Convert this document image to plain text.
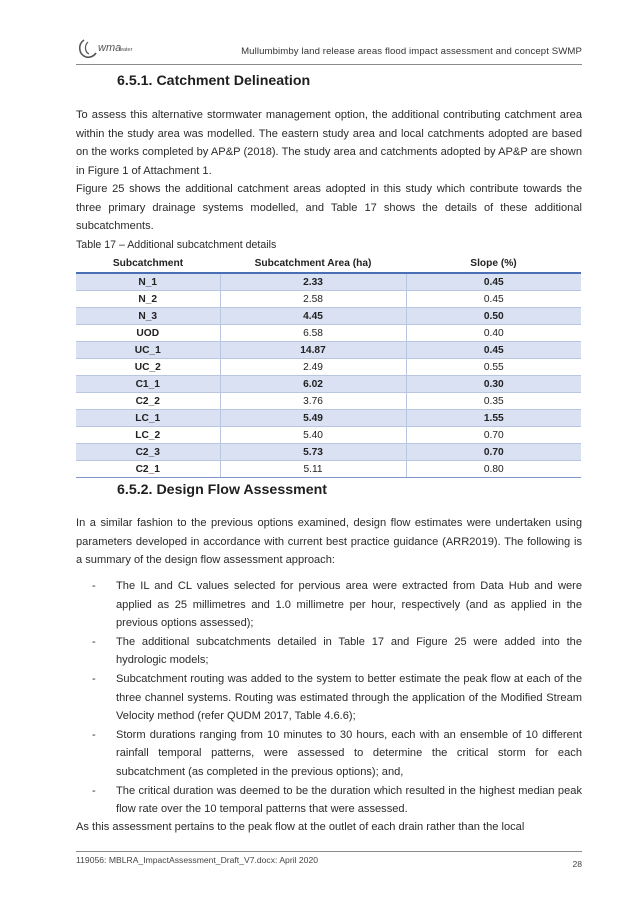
wma
water	Mullumbimby land release areas flood impact assessment and concept SWMP
6.5.1. Catchment Delineation

To assess this alternative stormwater management option, the additional contributing catchment area within the study area was modelled. The eastern study area and local catchments adopted are based on the works completed by AP&P (2018). The study area and catchments adopted by AP&P are shown in Figure 1 of Attachment 1.

Figure 25 shows the additional catchment areas adopted in this study which contribute towards the three primary drainage systems modelled, and Table 17 shows the details of these additional subcatchments.

Table 17 – Additional subcatchment details
Subcatchment	Subcatchment Area (ha)	Slope (%)
N_1	2.33	0.45
N_2	2.58	0.45
N_3	4.45	0.50
UOD	6.58	0.40
UC_1	14.87	0.45
UC_2	2.49	0.55
C1_1	6.02	0.30
C2_2	3.76	0.35
LC_1	5.49	1.55
LC_2	5.40	0.70
C2_3	5.73	0.70
C2_1	5.11	0.80
6.5.2. Design Flow Assessment

In a similar fashion to the previous options examined, design flow estimates were undertaken using parameters developed in accordance with current best practice guidance (ARR2019). The following is a summary of the design flow assessment approach:

- The IL and CL values selected for pervious area were extracted from Data Hub and were applied as 25 millimetres and 1.0 millimetre per hour, respectively (and as applied in the previous options assessed);
- The additional subcatchments detailed in Table 17 and Figure 25 were added into the hydrologic models;
- Subcatchment routing was added to the system to better estimate the peak flow at each of the three channel systems. Routing was estimated through the application of the Modified Stream Velocity method (refer QUDM 2017, Table 4.6.6);
- Storm durations ranging from 10 minutes to 30 hours, each with an ensemble of 10 different rainfall temporal patterns, were assessed to determine the critical storm for each subcatchment (as completed in the previous options); and,
- The critical duration was deemed to be the duration which resulted in the highest median peak flow rate over the 10 temporal patterns that were assessed.

As this assessment pertains to the peak flow at the outlet of each drain rather than the local

119056: MBLRA_ImpactAssessment_Draft_V7.docx: April 2020	28
